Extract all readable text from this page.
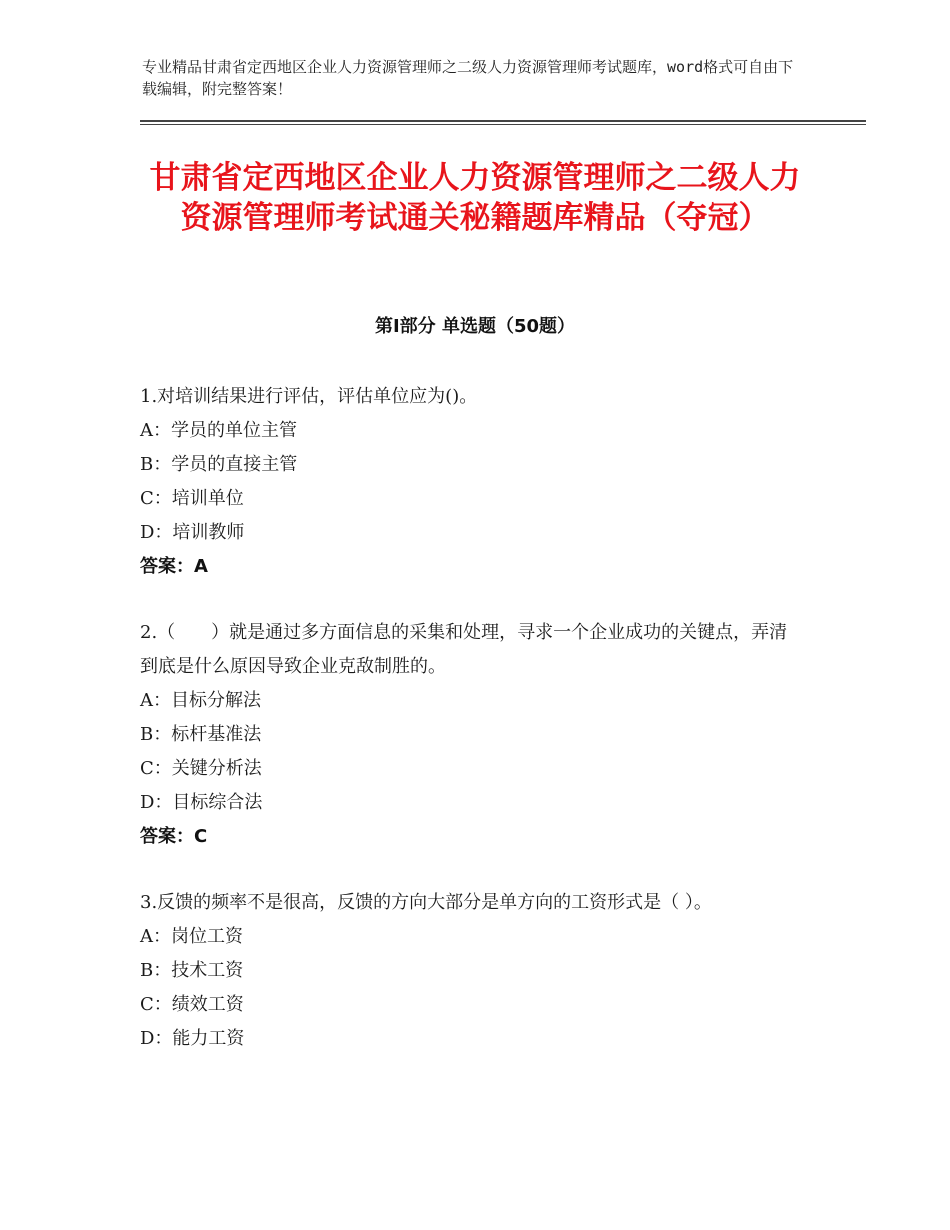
专业精品甘肃省定西地区企业人力资源管理师之二级人力资源管理师考试题库，word格式可自由下载编辑，附完整答案！
甘肃省定西地区企业人力资源管理师之二级人力资源管理师考试通关秘籍题库精品（夺冠）
第Ⅰ部分 单选题（50题）
1.对培训结果进行评估，评估单位应为()。
A：学员的单位主管
B：学员的直接主管
C：培训单位
D：培训教师
答案：A
2.（　　）就是通过多方面信息的采集和处理，寻求一个企业成功的关键点，弄清到底是什么原因导致企业克敌制胜的。
A：目标分解法
B：标杆基准法
C：关键分析法
D：目标综合法
答案：C
3.反馈的频率不是很高，反馈的方向大部分是单方向的工资形式是（ ）。
A：岗位工资
B：技术工资
C：绩效工资
D：能力工资
